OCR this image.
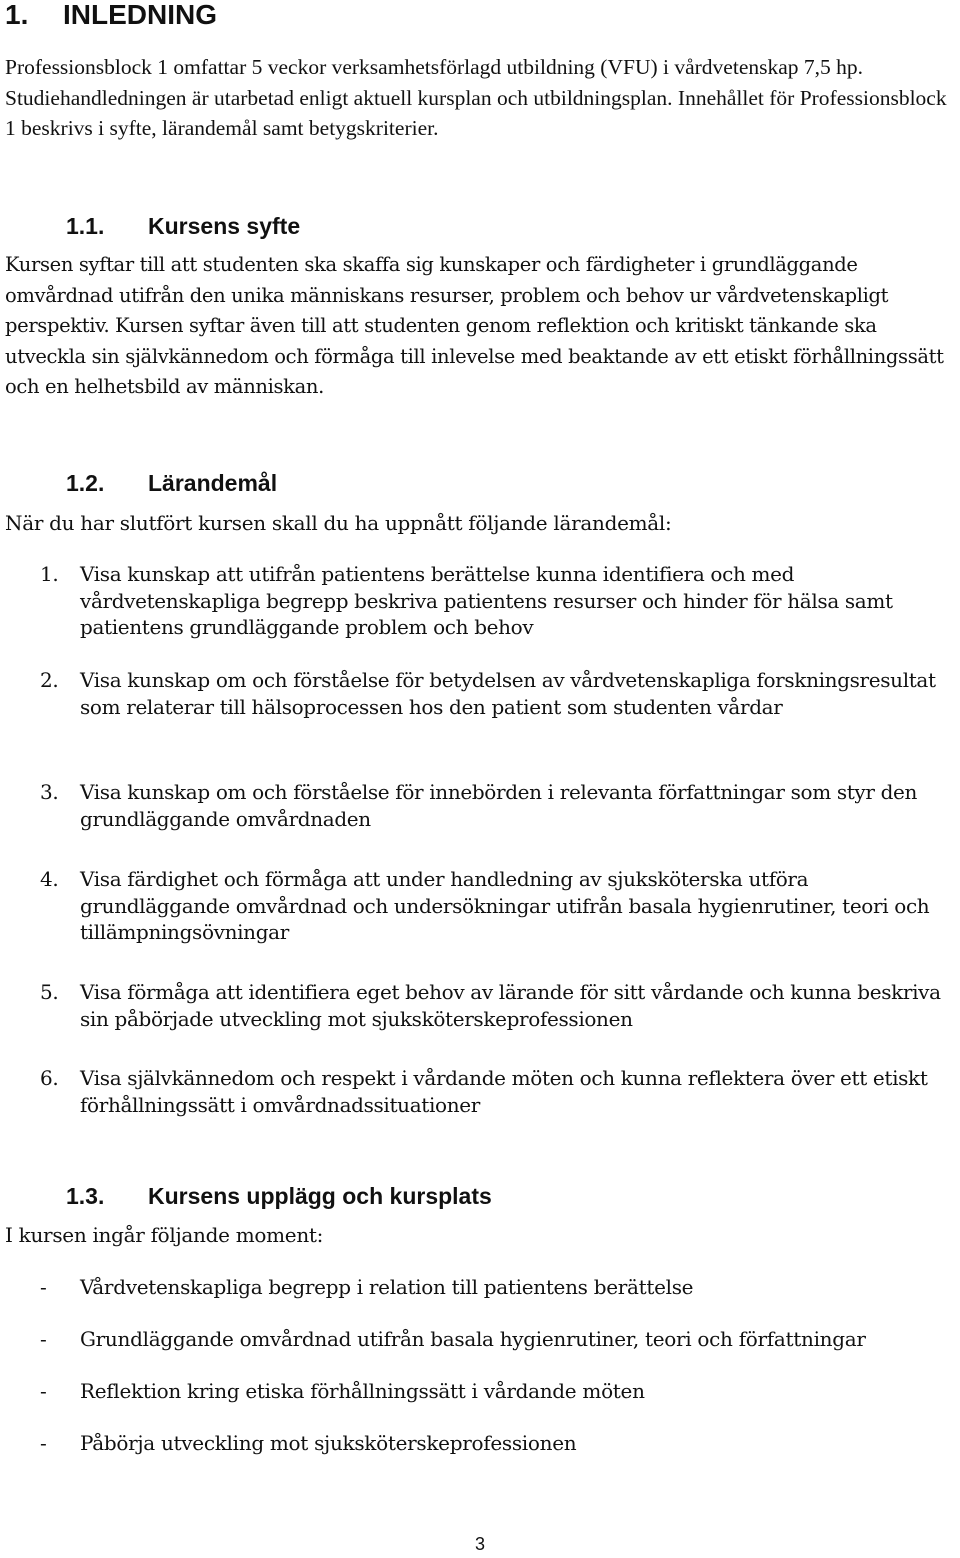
1. INLEDNING

Professionsblock 1 omfattar 5 veckor verksamhetsförlagd utbildning (VFU) i vårdvetenskap 7,5 hp. Studiehandledningen är utarbetad enligt aktuell kursplan och utbildningsplan. Innehållet för Professionsblock 1 beskrivs i syfte, lärandemål samt betygskriterier.

1.1. Kursens syfte

Kursen syftar till att studenten ska skaffa sig kunskaper och färdigheter i grundläggande omvårdnad utifrån den unika människans resurser, problem och behov ur vårdvetenskapligt perspektiv. Kursen syftar även till att studenten genom reflektion och kritiskt tänkande ska utveckla sin självkännedom och förmåga till inlevelse med beaktande av ett etiskt förhållningssätt och en helhetsbild av människan.

1.2. Lärandemål

När du har slutfört kursen skall du ha uppnått följande lärandemål:

1. Visa kunskap att utifrån patientens berättelse kunna identifiera och med vårdvetenskapliga begrepp beskriva patientens resurser och hinder för hälsa samt patientens grundläggande problem och behov
2. Visa kunskap om och förståelse för betydelsen av vårdvetenskapliga forskningsresultat som relaterar till hälsoprocessen hos den patient som studenten vårdar
3. Visa kunskap om och förståelse för innebörden i relevanta författningar som styr den grundläggande omvårdnaden
4. Visa färdighet och förmåga att under handledning av sjuksköterska utföra grundläggande omvårdnad och undersökningar utifrån basala hygienrutiner, teori och tillämpningsövningar
5. Visa förmåga att identifiera eget behov av lärande för sitt vårdande och kunna beskriva sin påbörjade utveckling mot sjuksköterskeprofessionen
6. Visa självkännedom och respekt i vårdande möten och kunna reflektera över ett etiskt förhållningssätt i omvårdnadssituationer
1.3. Kursens upplägg och kursplats

I kursen ingår följande moment:

- Vårdvetenskapliga begrepp i relation till patientens berättelse
- Grundläggande omvårdnad utifrån basala hygienrutiner, teori och författningar
- Reflektion kring etiska förhållningssätt i vårdande möten
- Påbörja utveckling mot sjuksköterskeprofessionen
3
